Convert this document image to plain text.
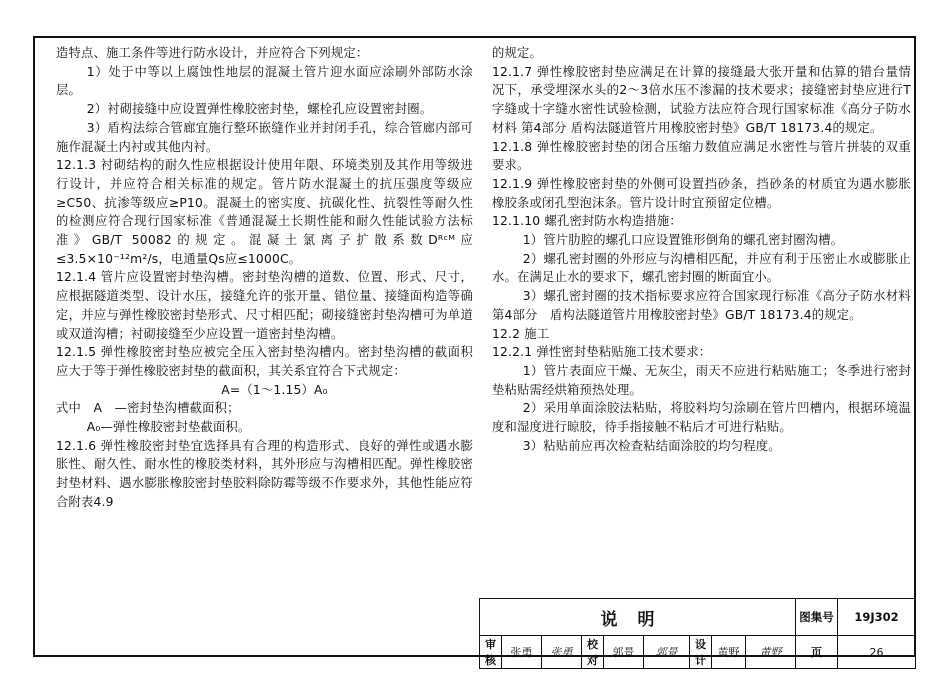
造特点、施工条件等进行防水设计，并应符合下列规定：

1）处于中等以上腐蚀性地层的混凝土管片迎水面应涂刷外部防水涂层。

2）衬砌接缝中应设置弹性橡胶密封垫，螺栓孔应设置密封圈。

3）盾构法综合管廊宜施行整环嵌缝作业并封闭手孔，综合管廊内部可施作混凝土内衬或其他内衬。

12.1.3 衬砌结构的耐久性应根据设计使用年限、环境类别及其作用等级进行设计，并应符合相关标准的规定。管片防水混凝土的抗压强度等级应≥C50、抗渗等级应≥P10。混凝土的密实度、抗碳化性、抗裂性等耐久性的检测应符合现行国家标准《普通混凝土长期性能和耐久性能试验方法标准》GB/T 50082的规定。混凝土氯离子扩散系数Dᴿᶜᴹ应≤3.5×10⁻¹²m²/s，电通量Qs应≤1000C。

12.1.4 管片应设置密封垫沟槽。密封垫沟槽的道数、位置、形式、尺寸，应根据隧道类型、设计水压，接缝允许的张开量、错位量、接缝面构造等确定，并应与弹性橡胶密封垫形式、尺寸相匹配；砌接缝密封垫沟槽可为单道或双道沟槽；衬砌接缝至少应设置一道密封垫沟槽。

12.1.5 弹性橡胶密封垫应被完全压入密封垫沟槽内。密封垫沟槽的截面积应大于等于弹性橡胶密封垫的截面积，其关系宜符合下式规定：

A=（1～1.15）A₀

式中　A　—密封垫沟槽截面积；

A₀—弹性橡胶密封垫截面积。

12.1.6 弹性橡胶密封垫宜选择具有合理的构造形式、良好的弹性或遇水膨胀性、耐久性、耐水性的橡胶类材料，其外形应与沟槽相匹配。弹性橡胶密封垫材料、遇水膨胀橡胶密封垫胶料除防霉等级不作要求外，其他性能应符合附表4.9

的规定。

12.1.7 弹性橡胶密封垫应满足在计算的接缝最大张开量和估算的错台量情况下，承受埋深水头的2～3倍水压不渗漏的技术要求；接缝密封垫应进行T字缝或十字缝水密性试验检测，试验方法应符合现行国家标准《高分子防水材料 第4部分 盾构法隧道管片用橡胶密封垫》GB/T 18173.4的规定。

12.1.8 弹性橡胶密封垫的闭合压缩力数值应满足水密性与管片拼装的双重要求。

12.1.9 弹性橡胶密封垫的外侧可设置挡砂条，挡砂条的材质宜为遇水膨胀橡胶条或闭孔型泡沫条。管片设计时宜预留定位槽。

12.1.10 螺孔密封防水构造措施：

1）管片肋腔的螺孔口应设置锥形倒角的螺孔密封圈沟槽。

2）螺孔密封圈的外形应与沟槽相匹配，并应有利于压密止水或膨胀止水。在满足止水的要求下，螺孔密封圈的断面宜小。

3）螺孔密封圈的技术指标要求应符合国家现行标准《高分子防水材料　第4部分　盾构法隧道管片用橡胶密封垫》GB/T 18173.4的规定。

12.2 施工

12.2.1 弹性密封垫粘贴施工技术要求：

1）管片表面应干燥、无灰尘，雨天不应进行粘贴施工；冬季进行密封垫粘贴需经烘箱预热处理。

2）采用单面涂胶法粘贴，将胶料均匀涂刷在管片凹槽内，根据环境温度和湿度进行晾胶，待手指接触不粘后才可进行粘贴。

3）粘贴前应再次检查粘结面涂胶的均匀程度。

说明									图集号	19J302
审核	张勇	张勇	校对	郭景	郭景	设计	黄野	黄野	页	26
